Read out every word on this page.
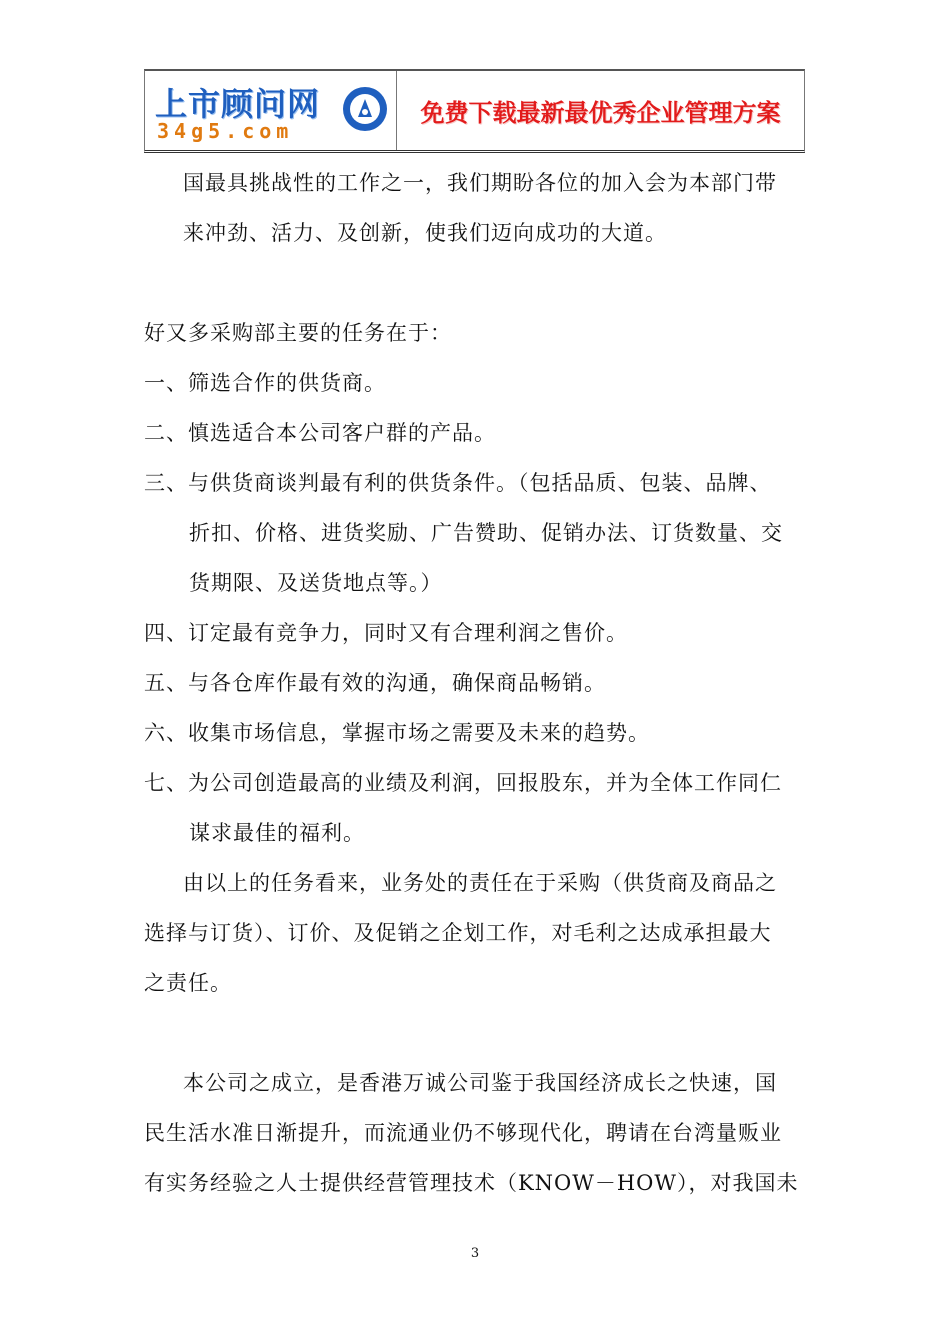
上市顾问网
34g5.com
免费下载最新最优秀企业管理方案
国最具挑战性的工作之一，我们期盼各位的加入会为本部门带
来冲劲、活力、及创新，使我们迈向成功的大道。
好又多采购部主要的任务在于：
一、筛选合作的供货商。
二、慎选适合本公司客户群的产品。
三、与供货商谈判最有利的供货条件。（包括品质、包装、品牌、
折扣、价格、进货奖励、广告赞助、促销办法、订货数量、交
货期限、及送货地点等。）
四、订定最有竞争力，同时又有合理利润之售价。
五、与各仓库作最有效的沟通，确保商品畅销。
六、收集市场信息，掌握市场之需要及未来的趋势。
七、为公司创造最高的业绩及利润，回报股东，并为全体工作同仁
谋求最佳的福利。
由以上的任务看来，业务处的责任在于采购（供货商及商品之
选择与订货）、订价、及促销之企划工作，对毛利之达成承担最大
之责任。
本公司之成立，是香港万诚公司鉴于我国经济成长之快速，国
民生活水准日渐提升，而流通业仍不够现代化，聘请在台湾量贩业
有实务经验之人士提供经营管理技术（KNOW－HOW），对我国未
3
